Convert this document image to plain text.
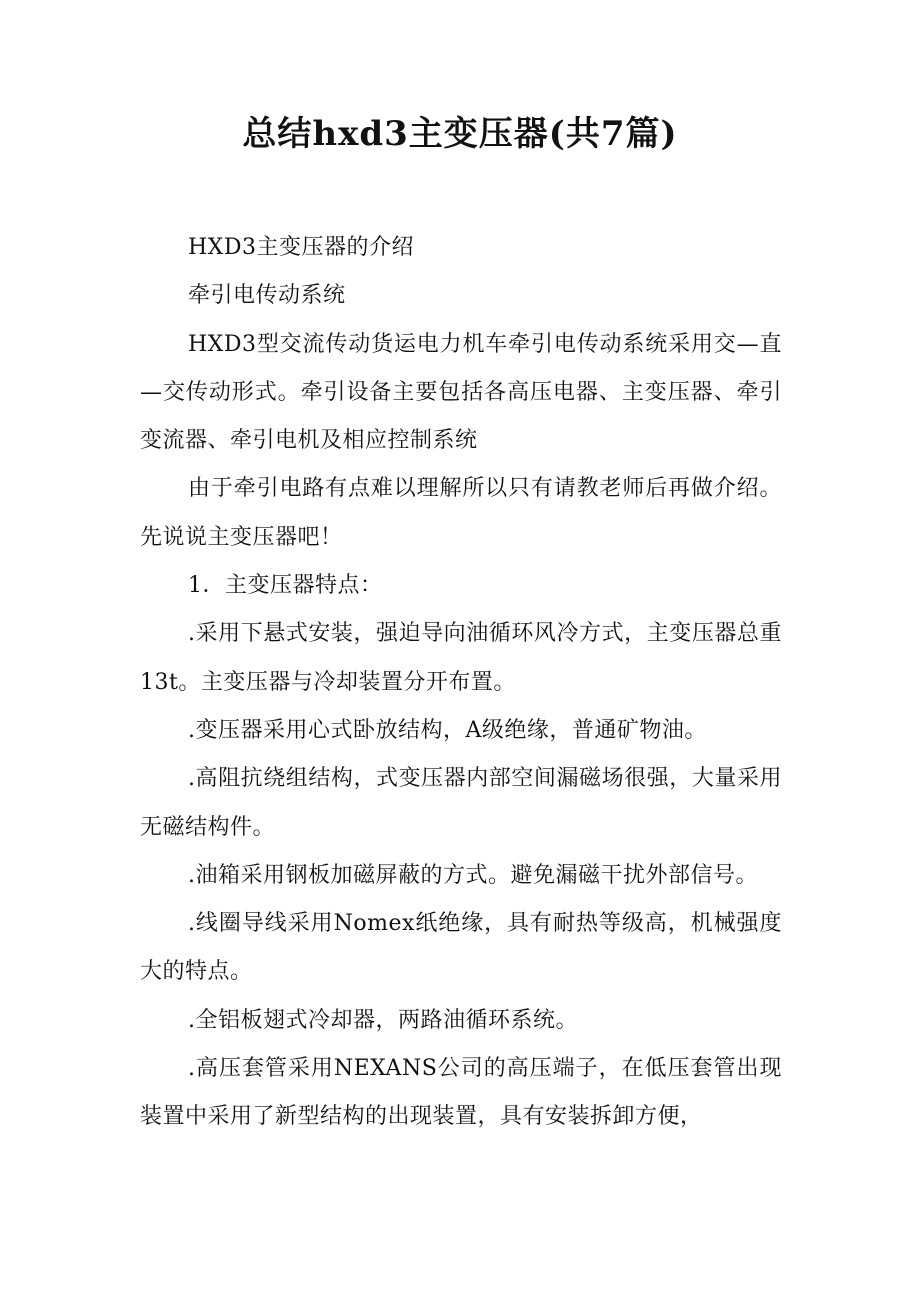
总结hxd3主变压器(共7篇)

HXD3主变压器的介绍

牵引电传动系统

HXD3型交流传动货运电力机车牵引电传动系统采用交—直—交传动形式。牵引设备主要包括各高压电器、主变压器、牵引变流器、牵引电机及相应控制系统

由于牵引电路有点难以理解所以只有请教老师后再做介绍。先说说主变压器吧！

1．主变压器特点：

.采用下悬式安装，强迫导向油循环风冷方式，主变压器总重13t。主变压器与冷却装置分开布置。

.变压器采用心式卧放结构，A级绝缘，普通矿物油。

.高阻抗绕组结构，式变压器内部空间漏磁场很强，大量采用无磁结构件。

.油箱采用钢板加磁屏蔽的方式。避免漏磁干扰外部信号。

.线圈导线采用Nomex纸绝缘，具有耐热等级高，机械强度大的特点。

.全铝板翅式冷却器，两路油循环系统。

.高压套管采用NEXANS公司的高压端子，在低压套管出现装置中采用了新型结构的出现装置，具有安装拆卸方便，
